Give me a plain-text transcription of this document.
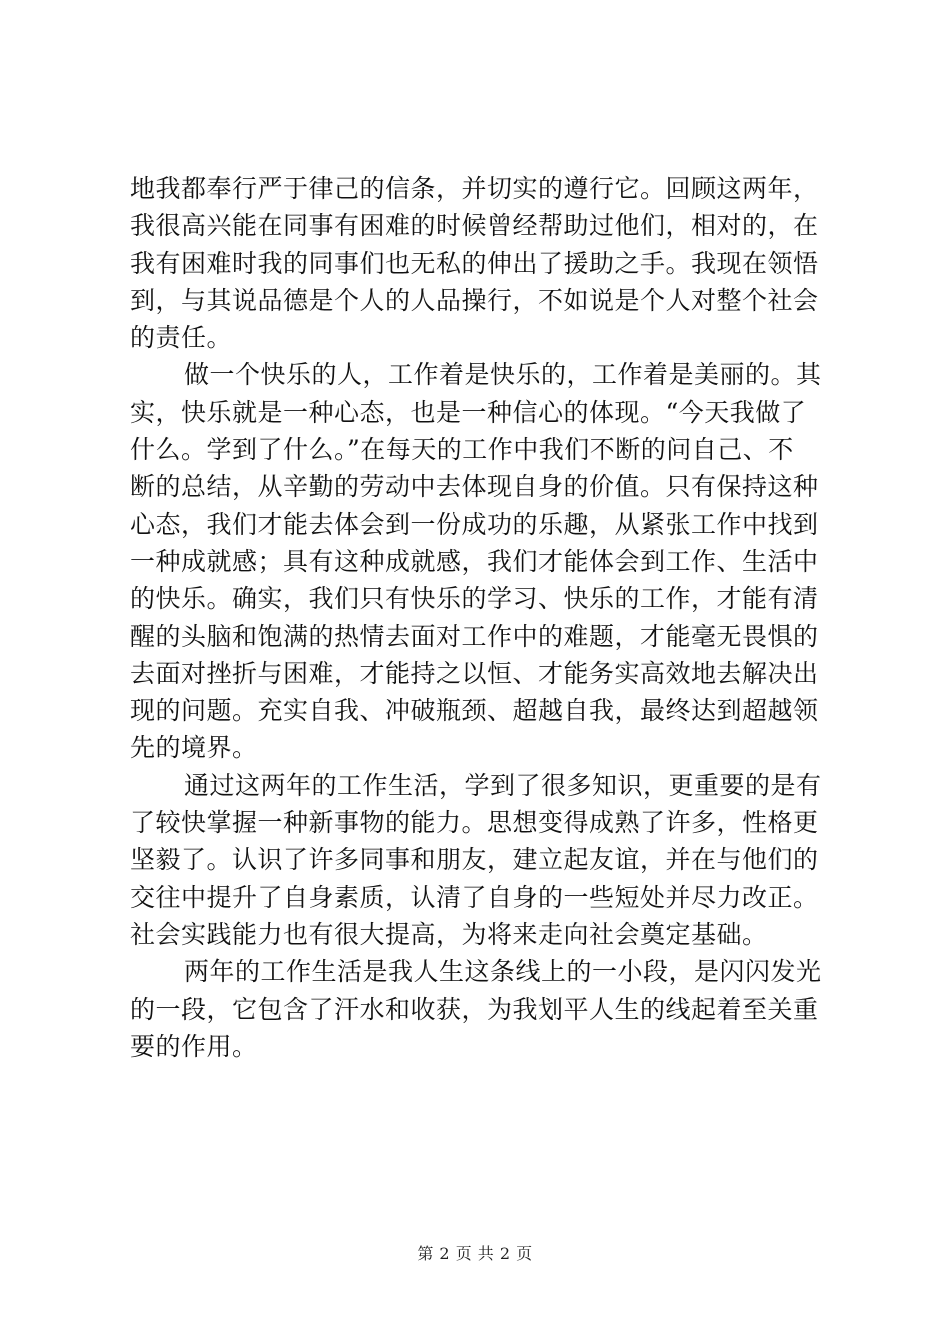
地我都奉行严于律己的信条，并切实的遵行它。回顾这两年，
我很高兴能在同事有困难的时候曾经帮助过他们，相对的，在
我有困难时我的同事们也无私的伸出了援助之手。我现在领悟
到，与其说品德是个人的人品操行，不如说是个人对整个社会
的责任。
做一个快乐的人，工作着是快乐的，工作着是美丽的。其
实，快乐就是一种心态，也是一种信心的体现。“今天我做了
什么。学到了什么。”在每天的工作中我们不断的问自己、不
断的总结，从辛勤的劳动中去体现自身的价值。只有保持这种
心态，我们才能去体会到一份成功的乐趣，从紧张工作中找到
一种成就感；具有这种成就感，我们才能体会到工作、生活中
的快乐。确实，我们只有快乐的学习、快乐的工作，才能有清
醒的头脑和饱满的热情去面对工作中的难题，才能毫无畏惧的
去面对挫折与困难，才能持之以恒、才能务实高效地去解决出
现的问题。充实自我、冲破瓶颈、超越自我，最终达到超越领
先的境界。
通过这两年的工作生活，学到了很多知识，更重要的是有
了较快掌握一种新事物的能力。思想变得成熟了许多，性格更
坚毅了。认识了许多同事和朋友，建立起友谊，并在与他们的
交往中提升了自身素质，认清了自身的一些短处并尽力改正。
社会实践能力也有很大提高，为将来走向社会奠定基础。
两年的工作生活是我人生这条线上的一小段，是闪闪发光
的一段，它包含了汗水和收获，为我划平人生的线起着至关重
要的作用。
第 2 页 共 2 页
